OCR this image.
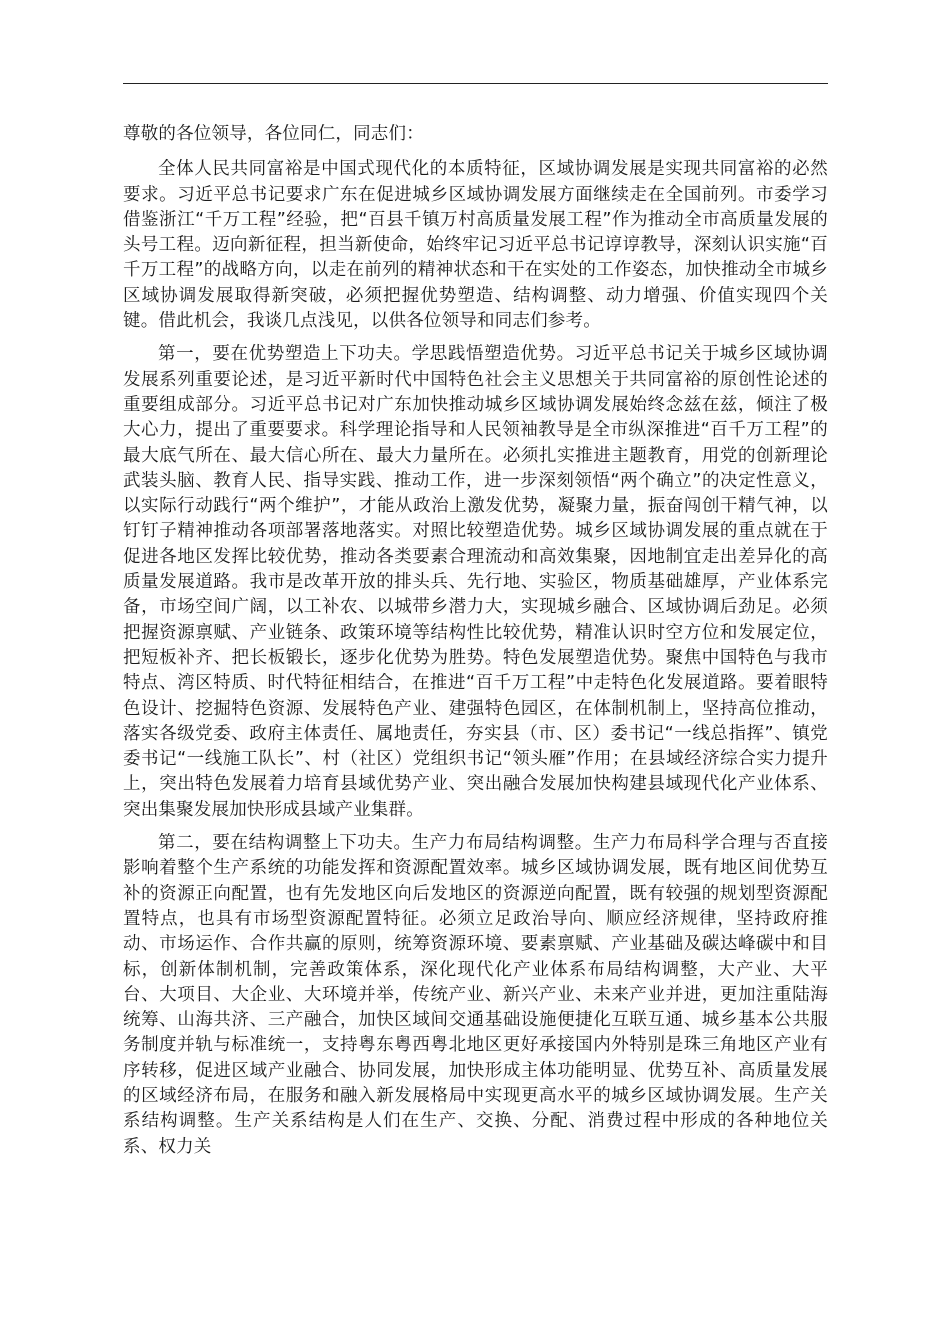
尊敬的各位领导，各位同仁，同志们：

全体人民共同富裕是中国式现代化的本质特征，区域协调发展是实现共同富裕的必然要求。习近平总书记要求广东在促进城乡区域协调发展方面继续走在全国前列。市委学习借鉴浙江“千万工程”经验，把“百县千镇万村高质量发展工程”作为推动全市高质量发展的头号工程。迈向新征程，担当新使命，始终牢记习近平总书记谆谆教导，深刻认识实施“百千万工程”的战略方向，以走在前列的精神状态和干在实处的工作姿态，加快推动全市城乡区域协调发展取得新突破，必须把握优势塑造、结构调整、动力增强、价值实现四个关键。借此机会，我谈几点浅见，以供各位领导和同志们参考。

第一，要在优势塑造上下功夫。学思践悟塑造优势。习近平总书记关于城乡区域协调发展系列重要论述，是习近平新时代中国特色社会主义思想关于共同富裕的原创性论述的重要组成部分。习近平总书记对广东加快推动城乡区域协调发展始终念兹在兹，倾注了极大心力，提出了重要要求。科学理论指导和人民领袖教导是全市纵深推进“百千万工程”的最大底气所在、最大信心所在、最大力量所在。必须扎实推进主题教育，用党的创新理论武装头脑、教育人民、指导实践、推动工作，进一步深刻领悟“两个确立”的决定性意义，以实际行动践行“两个维护”，才能从政治上激发优势，凝聚力量，振奋闯创干精气神，以钉钉子精神推动各项部署落地落实。对照比较塑造优势。城乡区域协调发展的重点就在于促进各地区发挥比较优势，推动各类要素合理流动和高效集聚，因地制宜走出差异化的高质量发展道路。我市是改革开放的排头兵、先行地、实验区，物质基础雄厚，产业体系完备，市场空间广阔，以工补农、以城带乡潜力大，实现城乡融合、区域协调后劲足。必须把握资源禀赋、产业链条、政策环境等结构性比较优势，精准认识时空方位和发展定位，把短板补齐、把长板锻长，逐步化优势为胜势。特色发展塑造优势。聚焦中国特色与我市特点、湾区特质、时代特征相结合，在推进“百千万工程”中走特色化发展道路。要着眼特色设计、挖掘特色资源、发展特色产业、建强特色园区，在体制机制上，坚持高位推动，落实各级党委、政府主体责任、属地责任，夯实县（市、区）委书记“一线总指挥”、镇党委书记“一线施工队长”、村（社区）党组织书记“领头雁”作用；在县域经济综合实力提升上，突出特色发展着力培育县域优势产业、突出融合发展加快构建县域现代化产业体系、突出集聚发展加快形成县域产业集群。

第二，要在结构调整上下功夫。生产力布局结构调整。生产力布局科学合理与否直接影响着整个生产系统的功能发挥和资源配置效率。城乡区域协调发展，既有地区间优势互补的资源正向配置，也有先发地区向后发地区的资源逆向配置，既有较强的规划型资源配置特点，也具有市场型资源配置特征。必须立足政治导向、顺应经济规律，坚持政府推动、市场运作、合作共赢的原则，统筹资源环境、要素禀赋、产业基础及碳达峰碳中和目标，创新体制机制，完善政策体系，深化现代化产业体系布局结构调整，大产业、大平台、大项目、大企业、大环境并举，传统产业、新兴产业、未来产业并进，更加注重陆海统筹、山海共济、三产融合，加快区域间交通基础设施便捷化互联互通、城乡基本公共服务制度并轨与标准统一，支持粤东粤西粤北地区更好承接国内外特别是珠三角地区产业有序转移，促进区域产业融合、协同发展，加快形成主体功能明显、优势互补、高质量发展的区域经济布局，在服务和融入新发展格局中实现更高水平的城乡区域协调发展。生产关系结构调整。生产关系结构是人们在生产、交换、分配、消费过程中形成的各种地位关系、权力关
